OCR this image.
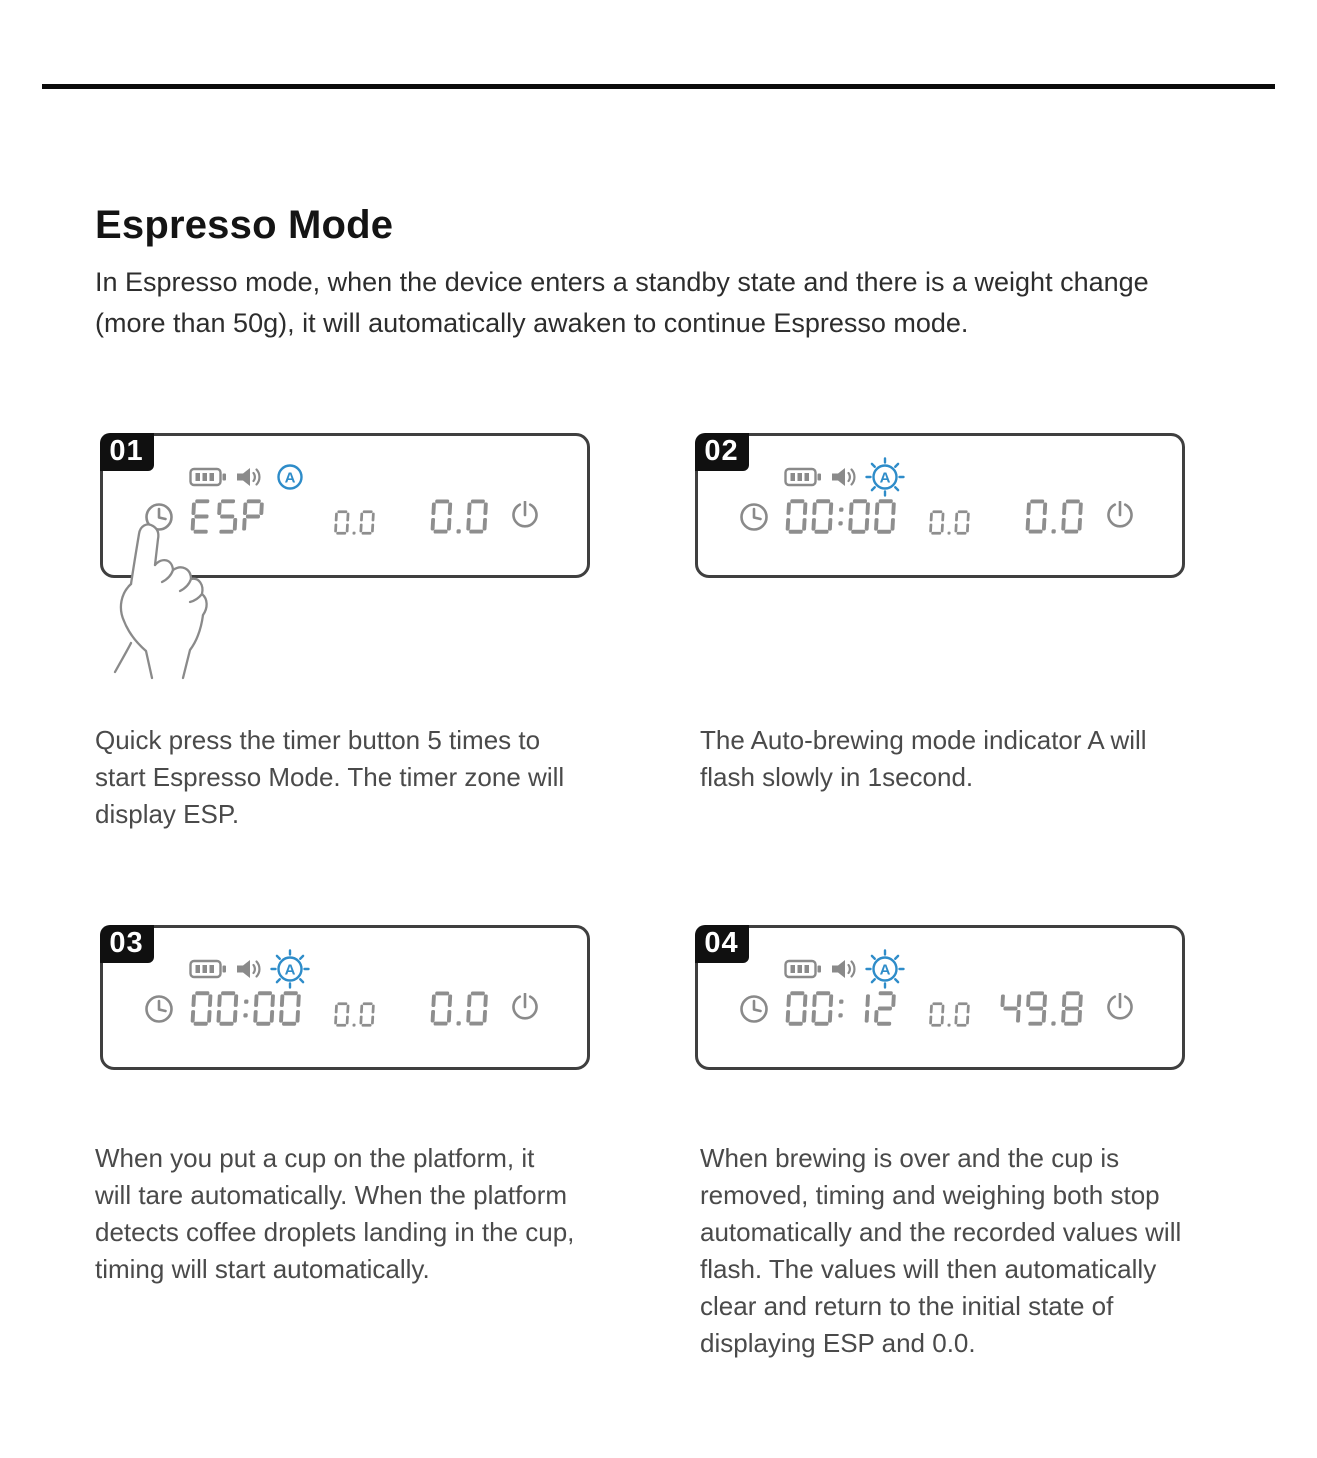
Espresso Mode
In Espresso mode, when the device enters a standby state and there is a weight change
(more than 50g), it will automatically awaken to continue Espresso mode.
01
A
02
A
03
A
04
A
Quick press the timer button 5 times to
start Espresso Mode. The timer zone will
display ESP.
The Auto-brewing mode indicator A will
flash slowly in 1second.
When you put a cup on the platform, it
will tare automatically. When the platform
detects coffee droplets landing in the cup,
timing will start automatically.
When brewing is over and the cup is
removed, timing and weighing both stop
automatically and the recorded values will
flash. The values will then automatically
clear and return to the initial state of
displaying ESP and 0.0.
